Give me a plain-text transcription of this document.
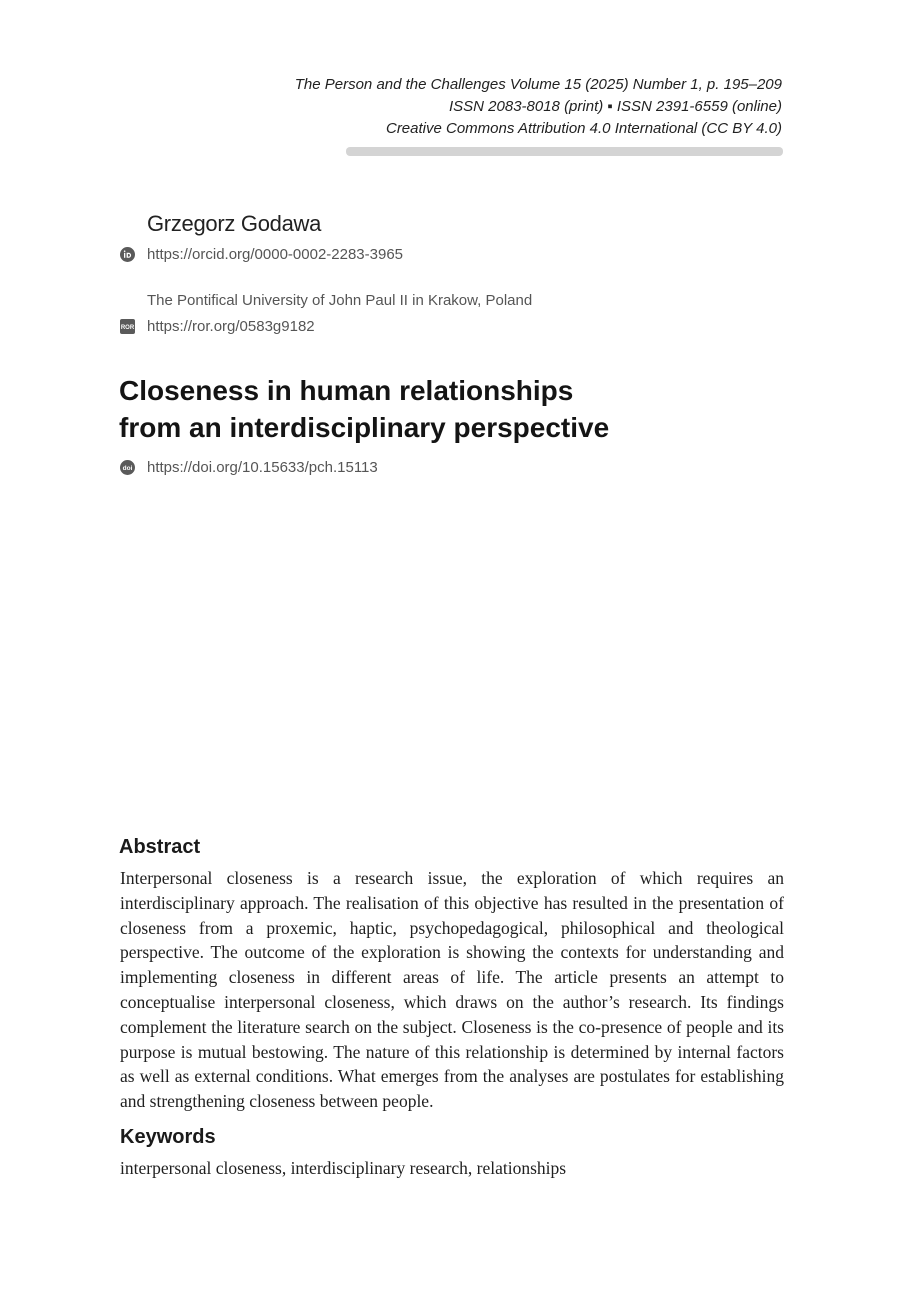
The Person and the Challenges Volume 15 (2025) Number 1, p. 195–209
ISSN 2083-8018 (print) ▪ ISSN 2391-6559 (online)
Creative Commons Attribution 4.0 International (CC BY 4.0)
Grzegorz Godawa
https://orcid.org/0000-0002-2283-3965
The Pontifical University of John Paul II in Krakow, Poland
ROR https://ror.org/0583g9182
Closeness in human relationships
from an interdisciplinary perspective
doi https://doi.org/10.15633/pch.15113
Abstract
Interpersonal closeness is a research issue, the exploration of which requires an interdisciplinary approach. The realisation of this objective has resulted in the presentation of closeness from a proxemic, haptic, psychopedagogical, philosophical and theological perspective. The outcome of the exploration is showing the contexts for understanding and implementing closeness in different areas of life. The article presents an attempt to conceptualise interpersonal closeness, which draws on the author’s research. Its findings complement the literature search on the subject. Closeness is the co-presence of people and its purpose is mutual bestowing. The nature of this relationship is determined by internal factors as well as external conditions. What emerges from the analyses are postulates for establishing and strengthening closeness between people.
Keywords
interpersonal closeness, interdisciplinary research, relationships
